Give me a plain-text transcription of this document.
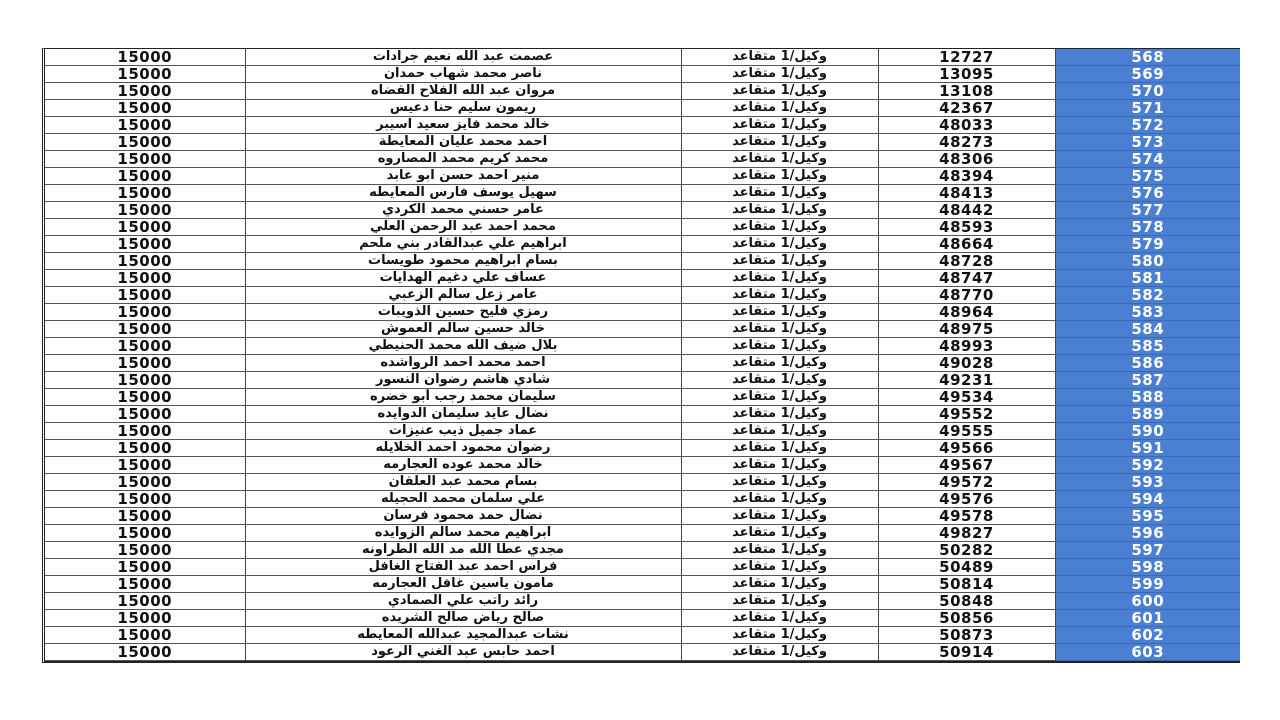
15000	عصمت عبد الله نعيم جرادات	وكيل/1 متقاعد	12727	568
15000	ناصر محمد شهاب حمدان	وكيل/1 متقاعد	13095	569
15000	مروان عبد الله الفلاح القضاه	وكيل/1 متقاعد	13108	570
15000	ريمون سليم حنا دعيس	وكيل/1 متقاعد	42367	571
15000	خالد محمد فايز سعيد اسيبر	وكيل/1 متقاعد	48033	572
15000	احمد محمد عليان المعايطة	وكيل/1 متقاعد	48273	573
15000	محمد كريم محمد المصاروه	وكيل/1 متقاعد	48306	574
15000	منير احمد حسن ابو عابد	وكيل/1 متقاعد	48394	575
15000	سهيل يوسف فارس المعايطه	وكيل/1 متقاعد	48413	576
15000	عامر حسني محمد الكردي	وكيل/1 متقاعد	48442	577
15000	محمد احمد عبد الرحمن العلي	وكيل/1 متقاعد	48593	578
15000	ابراهيم علي عبدالقادر بني ملحم	وكيل/1 متقاعد	48664	579
15000	بسام ابراهيم محمود طويسات	وكيل/1 متقاعد	48728	580
15000	عساف علي دغيم الهدايات	وكيل/1 متقاعد	48747	581
15000	عامر زعل سالم الزعبي	وكيل/1 متقاعد	48770	582
15000	رمزي فليح حسين الذويبات	وكيل/1 متقاعد	48964	583
15000	خالد حسين سالم العموش	وكيل/1 متقاعد	48975	584
15000	بلال ضيف الله محمد الحنيطي	وكيل/1 متقاعد	48993	585
15000	احمد محمد احمد الرواشده	وكيل/1 متقاعد	49028	586
15000	شادي هاشم رضوان النسور	وكيل/1 متقاعد	49231	587
15000	سليمان محمد رجب أبو خضره	وكيل/1 متقاعد	49534	588
15000	نضال عايد سليمان الدوايده	وكيل/1 متقاعد	49552	589
15000	عماد جميل ذيب عنيزات	وكيل/1 متقاعد	49555	590
15000	رضوان محمود احمد الخلايله	وكيل/1 متقاعد	49566	591
15000	خالد محمد عوده العجارمه	وكيل/1 متقاعد	49567	592
15000	بسام محمد عبد العلقان	وكيل/1 متقاعد	49572	593
15000	علي سلمان محمد الحجيله	وكيل/1 متقاعد	49576	594
15000	نضال حمد محمود فرسان	وكيل/1 متقاعد	49578	595
15000	ابراهيم محمد سالم الزوايده	وكيل/1 متقاعد	49827	596
15000	مجدي عطا الله مد الله الطراونه	وكيل/1 متقاعد	50282	597
15000	فراس احمد عبد الفتاح الغافل	وكيل/1 متقاعد	50489	598
15000	مامون ياسين غافل العجارمه	وكيل/1 متقاعد	50814	599
15000	رائد راتب علي الصمادي	وكيل/1 متقاعد	50848	600
15000	صالح رياض صالح الشريده	وكيل/1 متقاعد	50856	601
15000	نشات عبدالمجيد عبدالله المعايطه	وكيل/1 متقاعد	50873	602
15000	احمد حابس عبد الغني الرعود	وكيل/1 متقاعد	50914	603
